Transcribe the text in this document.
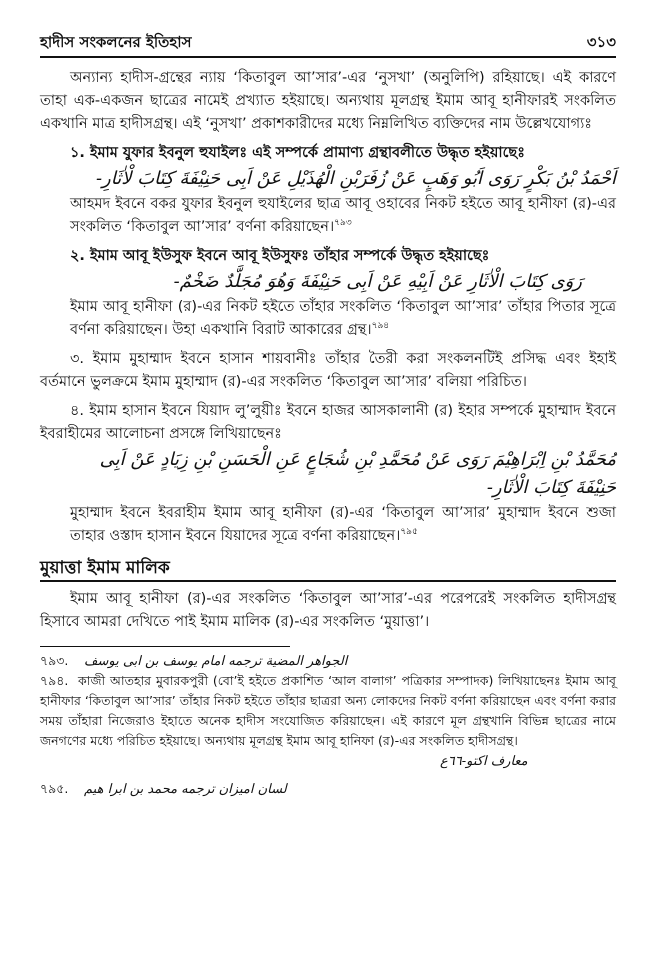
হাদীস সংকলনের ইতিহাস	৩১৩

অন্যান্য হাদীস-গ্রন্থের ন্যায় ‘কিতাবুল আ’সার’-এর ‘নুসখা’ (অনুলিপি) রহিয়াছে। এই কারণে তাহা এক-একজন ছাত্রের নামেই প্রখ্যাত হইয়াছে। অন্যথায় মূলগ্রন্থ ইমাম আবূ হানীফারই সংকলিত একখানি মাত্র হাদীসগ্রন্থ। এই ‘নুসখা’ প্রকাশকারীদের মধ্যে নিম্নলিখিত ব্যক্তিদের নাম উল্লেখযোগ্যঃ

১. ইমাম যুফার ইবনুল হুযাইলঃ এই সম্পর্কে প্রামাণ্য গ্রন্থাবলীতে উদ্ধৃত হইয়াছেঃ

اَحْمَدُ بْنُ بَكْرٍ رَوَى اَبُو وَهَبٍ عَنْ زُفَرَبْنِ الْهُذَيْلِ عَنْ اَبِى حَنِيْفَةَ كِتَابَ لْاٰثَارِ-

আহমদ ইবনে বকর যুফার ইবনুল হুযাইলের ছাত্র আবূ ওহাবের নিকট হইতে আবূ হানীফা (র)-এর সংকলিত ‘কিতাবুল আ’সার’ বর্ণনা করিয়াছেন।$^{৭৯৩}$

২. ইমাম আবূ ইউসুফ ইবনে আবূ ইউসুফঃ তাঁহার সম্পর্কে উদ্ধৃত হইয়াছেঃ

رَوَى كِتَابَ الْاٰثَارِ عَنْ اَبِيْهِ عَنْ اَبِى حَنِيْفَةَ وَهُوَ مُجَلَّدٌ ضَخْمٌ-

ইমাম আবূ হানীফা (র)-এর নিকট হইতে তাঁহার সংকলিত ‘কিতাবুল আ’সার’ তাঁহার পিতার সূত্রে বর্ণনা করিয়াছেন। উহা একখানি বিরাট আকারের গ্রন্থ।$^{৭৯৪}$

৩. ইমাম মুহাম্মাদ ইবনে হাসান শায়বানীঃ তাঁহার তৈরী করা সংকলনটিই প্রসিদ্ধ এবং ইহাই বর্তমানে ভুলক্রমে ইমাম মুহাম্মাদ (র)-এর সংকলিত ‘কিতাবুল আ’সার’ বলিয়া পরিচিত।

৪. ইমাম হাসান ইবনে যিয়াদ লু’লুয়ীঃ ইবনে হাজর আসকালানী (র) ইহার সম্পর্কে মুহাম্মাদ ইবনে ইবরাহীমের আলোচনা প্রসঙ্গে লিখিয়াছেনঃ

مُحَمَّدُ بْنِ اِبْرَاهِيْمَ رَوَى عَنْ مُحَمَّدِ بْنِ شُجَاعٍ عَنِ الْحَسَنِ بْنِ زِيَادٍ عَنْ اَبِى

حَنِيْفَةَ كِتَابَ الْاٰثَارِ-

মুহাম্মাদ ইবনে ইবরাহীম ইমাম আবূ হানীফা (র)-এর ‘কিতাবুল আ’সার’ মুহাম্মাদ ইবনে শুজা তাহার ওস্তাদ হাসান ইবনে যিয়াদের সূত্রে বর্ণনা করিয়াছেন।$^{৭৯৫}$

মুয়াত্তা ইমাম মালিক

ইমাম আবূ হানীফা (র)-এর সংকলিত ‘কিতাবুল আ’সার’-এর পরেপরেই সংকলিত হাদীসগ্রন্থ হিসাবে আমরা দেখিতে পাই ইমাম মালিক (র)-এর সংকলিত ‘মুয়াত্তা’।

৭৯৩.	الجواهر المضية ترجمه امام يوسف بن ابى يوسف

৭৯৪. কাজী আতহার মুবারকপুরী (বো’ই হইতে প্রকাশিত ‘আল বালাগ’ পত্রিকার সম্পাদক) লিখিয়াছেনঃ ইমাম আবূ হানীফার ‘কিতাবুল আ’সার’ তাঁহার নিকট হইতে তাঁহার ছাত্ররা অন্য লোকদের নিকট বর্ণনা করিয়াছেন এবং বর্ণনা করার সময় তাঁহারা নিজেরাও ইহাতে অনেক হাদীস সংযোজিত করিয়াছেন। এই কারণে মূল গ্রন্থখানি বিভিন্ন ছাত্রের নামে জনগণের মধ্যে পরিচিত হইয়াছে। অন্যথায় মূলগ্রন্থ ইমাম আবূ হানিফা (র)-এর সংকলিত হাদীসগ্রন্থ।

معارف اكتو-٦٦ع

৭৯৫.	لسان اميزان ترجمه محمد بن ابرا هيم
